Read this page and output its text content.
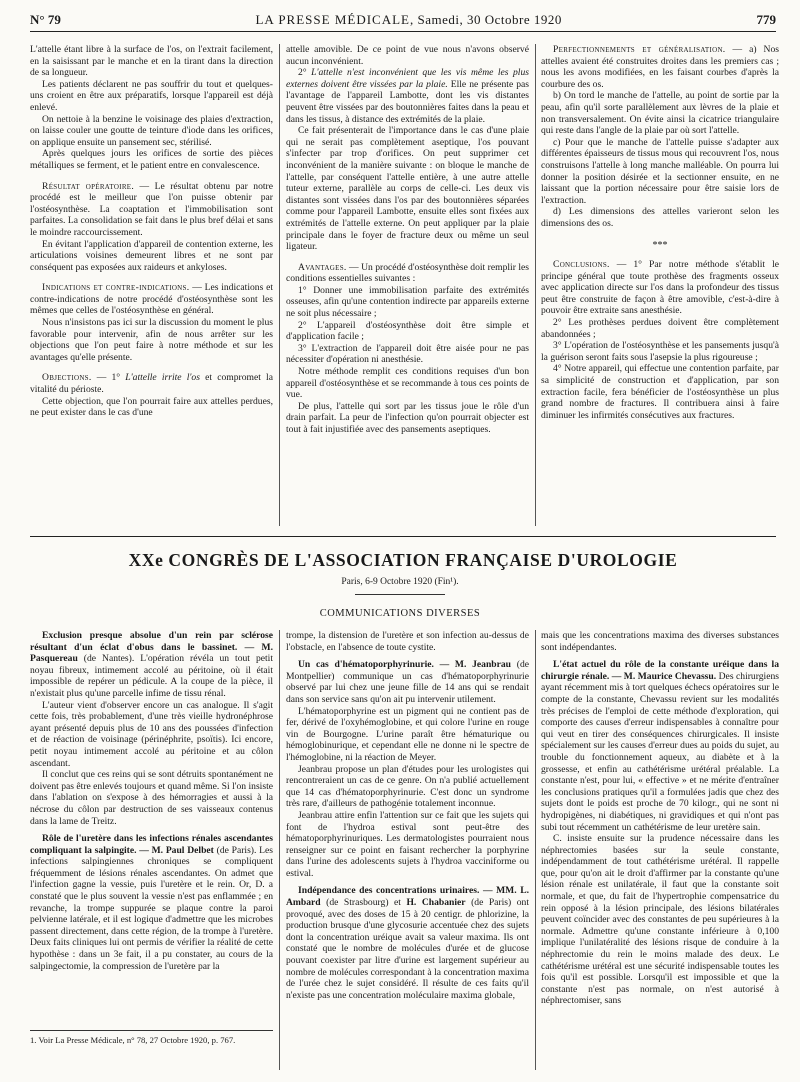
N° 79	LA PRESSE MÉDICALE, Samedi, 30 Octobre 1920	779

L'attelle étant libre à la surface de l'os, on l'extrait facilement, en la saisissant par le manche et en la tirant dans la direction de sa longueur.

Les patients déclarent ne pas souffrir du tout et quelques-uns croient en être aux préparatifs, lorsque l'appareil est déjà enlevé.

On nettoie à la benzine le voisinage des plaies d'extraction, on laisse couler une goutte de teinture d'iode dans les orifices, on applique ensuite un pansement sec, stérilisé.

Après quelques jours les orifices de sortie des pièces métalliques se ferment, et le patient entre en convalescence.

Résultat opératoire. — Le résultat obtenu par notre procédé est le meilleur que l'on puisse obtenir par l'ostéosynthèse. La coaptation et l'immobilisation sont parfaites. La consolidation se fait dans le plus bref délai et sans le moindre raccourcissement.

En évitant l'application d'appareil de contention externe, les articulations voisines demeurent libres et ne sont par conséquent pas exposées aux raideurs et ankyloses.

Indications et contre-indications. — Les indications et contre-indications de notre procédé d'ostéosynthèse sont les mêmes que celles de l'ostéosynthèse en général.

Nous n'insistons pas ici sur la discussion du moment le plus favorable pour intervenir, afin de nous arrêter sur les objections que l'on peut faire à notre méthode et sur les avantages qu'elle présente.

Objections. — 1° L'attelle irrite l'os et compromet la vitalité du périoste.

Cette objection, que l'on pourrait faire aux attelles perdues, ne peut exister dans le cas d'une

attelle amovible. De ce point de vue nous n'avons observé aucun inconvénient.

2° L'attelle n'est inconvénient que les vis même les plus externes doivent être vissées par la plaie. Elle ne présente pas l'avantage de l'appareil Lambotte, dont les vis distantes peuvent être vissées par des boutonnières faites dans la peau et dans les tissus, à distance des extrémités de la plaie.

Ce fait présenterait de l'importance dans le cas d'une plaie qui ne serait pas complètement aseptique, l'os pouvant s'infecter par trop d'orifices. On peut supprimer cet inconvénient de la manière suivante : on bloque le manche de l'attelle, par conséquent l'attelle entière, à une autre attelle tuteur externe, parallèle au corps de celle-ci. Les deux vis distantes sont vissées dans l'os par des boutonnières séparées comme pour l'appareil Lambotte, ensuite elles sont fixées aux extrémités de l'attelle externe. On peut appliquer par la plaie principale dans le foyer de fracture deux ou même un seul ligateur.

Avantages. — Un procédé d'ostéosynthèse doit remplir les conditions essentielles suivantes :

1° Donner une immobilisation parfaite des extrémités osseuses, afin qu'une contention indirecte par appareils externe ne soit plus nécessaire ;

2° L'appareil d'ostéosynthèse doit être simple et d'application facile ;

3° L'extraction de l'appareil doit être aisée pour ne pas nécessiter d'opération ni anesthésie.

Notre méthode remplit ces conditions requises d'un bon appareil d'ostéosynthèse et se recommande à tous ces points de vue.

De plus, l'attelle qui sort par les tissus joue le rôle d'un drain parfait. La peur de l'infection qu'on pourrait objecter est tout à fait injustifiée avec des pansements aseptiques.

Perfectionnements et généralisation. — a) Nos attelles avaient été construites droites dans les premiers cas ; nous les avons modifiées, en les faisant courbes d'après la courbure des os.

b) On tord le manche de l'attelle, au point de sortie par la peau, afin qu'il sorte parallèlement aux lèvres de la plaie et non transversalement. On évite ainsi la cicatrice triangulaire qui reste dans l'angle de la plaie par où sort l'attelle.

c) Pour que le manche de l'attelle puisse s'adapter aux différentes épaisseurs de tissus mous qui recouvrent l'os, nous construisons l'attelle à long manche malléable. On pourra lui donner la position désirée et la sectionner ensuite, en ne laissant que la portion nécessaire pour être saisie lors de l'extraction.

d) Les dimensions des attelles varieront selon les dimensions des os.

***

Conclusions. — 1° Par notre méthode s'établit le principe général que toute prothèse des fragments osseux avec application directe sur l'os dans la profondeur des tissus peut être construite de façon à être amovible, c'est-à-dire à pouvoir être extraite sans anesthésie.

2° Les prothèses perdues doivent être complètement abandonnées ;

3° L'opération de l'ostéosynthèse et les pansements jusqu'à la guérison seront faits sous l'asepsie la plus rigoureuse ;

4° Notre appareil, qui effectue une contention parfaite, par sa simplicité de construction et d'application, par son extraction facile, fera bénéficier de l'ostéosynthèse un plus grand nombre de fractures. Il contribuera ainsi à faire diminuer les infirmités consécutives aux fractures.

XXe CONGRÈS DE L'ASSOCIATION FRANÇAISE D'UROLOGIE
Paris, 6-9 Octobre 1920 (Fin¹).
COMMUNICATIONS DIVERSES

Exclusion presque absolue d'un rein par sclérose résultant d'un éclat d'obus dans le bassinet. — M. Pasquereau (de Nantes). L'opération révéla un tout petit noyau fibreux, intimement accolé au péritoine, où il était impossible de repérer un pédicule. A la coupe de la pièce, il n'existait plus qu'une parcelle infime de tissu rénal.

L'auteur vient d'observer encore un cas analogue. Il s'agit cette fois, très probablement, d'une très vieille hydronéphrose ayant présenté depuis plus de 10 ans des poussées d'infection et de réaction de voisinage (périnéphrite, psoïtis). Ici encore, petit noyau intimement accolé au péritoine et au côlon ascendant.

Il conclut que ces reins qui se sont détruits spontanément ne doivent pas être enlevés toujours et quand même. Si l'on insiste dans l'ablation on s'expose à des hémorragies et aussi à la nécrose du côlon par destruction de ses vaisseaux contenus dans la lame de Treitz.

Rôle de l'uretère dans les infections rénales ascendantes compliquant la salpingite. — M. Paul Delbet (de Paris). Les infections salpingiennes chroniques se compliquent fréquemment de lésions rénales ascendantes. On admet que l'infection gagne la vessie, puis l'uretère et le rein. Or, D. a constaté que le plus souvent la vessie n'est pas enflammée ; en revanche, la trompe suppurée se plaque contre la paroi pelvienne latérale, et il est logique d'admettre que les microbes passent directement, dans cette région, de la trompe à l'uretère. Deux faits cliniques lui ont permis de vérifier la réalité de cette hypothèse : dans un 3e fait, il a pu constater, au cours de la salpingectomie, la compression de l'uretère par la

1. Voir La Presse Médicale, n° 78, 27 Octobre 1920, p. 767.

trompe, la distension de l'uretère et son infection au-dessus de l'obstacle, en l'absence de toute cystite.

Un cas d'hématoporphyrinurie. — M. Jeanbrau (de Montpellier) communique un cas d'hématoporphyrinurie observé par lui chez une jeune fille de 14 ans qui se rendait dans son service sans qu'on ait pu intervenir utilement.

L'hématoporphyrine est un pigment qui ne contient pas de fer, dérivé de l'oxyhémoglobine, et qui colore l'urine en rouge vin de Bourgogne. L'urine paraît être hématurique ou hémoglobinurique, et cependant elle ne donne ni le spectre de l'hémoglobine, ni la réaction de Meyer.

Jeanbrau propose un plan d'études pour les urologistes qui rencontreraient un cas de ce genre. On n'a publié actuellement que 14 cas d'hématoporphyrinurie. C'est donc un syndrome très rare, d'ailleurs de pathogénie totalement inconnue.

Jeanbrau attire enfin l'attention sur ce fait que les sujets qui font de l'hydroa estival sont peut-être des hématoporphyrinuriques. Les dermatologistes pourraient nous renseigner sur ce point en faisant rechercher la porphyrine dans l'urine des adolescents sujets à l'hydroa vacciniforme ou estival.

Indépendance des concentrations urinaires. — MM. L. Ambard (de Strasbourg) et H. Chabanier (de Paris) ont provoqué, avec des doses de 15 à 20 centigr. de phlorizine, la production brusque d'une glycosurie accentuée chez des sujets dont la concentration uréique avait sa valeur maxima. Ils ont constaté que le nombre de molécules d'urée et de glucose pouvant coexister par litre d'urine est largement supérieur au nombre de molécules correspondant à la concentration maxima de l'urée chez le sujet considéré. Il résulte de ces faits qu'il n'existe pas une concentration moléculaire maxima globale,

mais que les concentrations maxima des diverses substances sont indépendantes.

L'état actuel du rôle de la constante uréique dans la chirurgie rénale. — M. Maurice Chevassu. Des chirurgiens ayant récemment mis à tort quelques échecs opératoires sur le compte de la constante, Chevassu revient sur les modalités très précises de l'emploi de cette méthode d'exploration, qui comporte des causes d'erreur indispensables à connaître pour qui veut en tirer des conséquences chirurgicales. Il insiste spécialement sur les causes d'erreur dues au poids du sujet, au trouble du fonctionnement aqueux, au diabète et à la grossesse, et enfin au cathétérisme urétéral préalable. La constante n'est, pour lui, « effective » et ne mérite d'entraîner les conclusions pratiques qu'il a formulées jadis que chez des sujets dont le poids est proche de 70 kilogr., qui ne sont ni hydropigènes, ni diabétiques, ni gravidiques et qui n'ont pas subi tout récemment un cathétérisme de leur uretère sain.

C. insiste ensuite sur la prudence nécessaire dans les néphrectomies basées sur la seule constante, indépendamment de tout cathétérisme urétéral. Il rappelle que, pour qu'on ait le droit d'affirmer par la constante qu'une lésion rénale est unilatérale, il faut que la constante soit normale, et que, du fait de l'hypertrophie compensatrice du rein opposé à la lésion principale, des lésions bilatérales peuvent coïncider avec des constantes de peu supérieures à la normale. Admettre qu'une constante inférieure à 0,100 implique l'unilatéralité des lésions risque de conduire à la néphrectomie du rein le moins malade des deux. Le cathétérisme urétéral est une sécurité indispensable toutes les fois qu'il est possible. Lorsqu'il est impossible et que la constante n'est pas normale, on n'est autorisé à néphrectomiser, sans
